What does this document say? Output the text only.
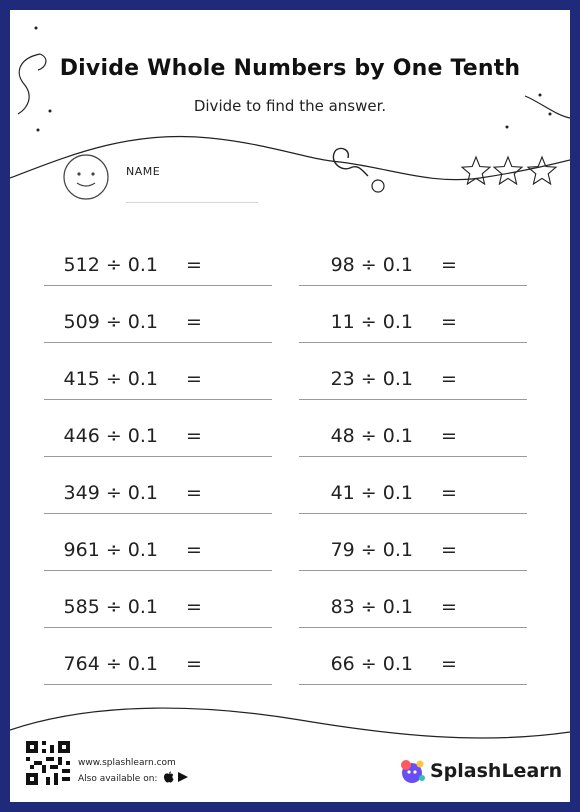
Divide Whole Numbers by One Tenth
Divide to find the answer.
NAME
512 ÷ 0.1 =
509 ÷ 0.1 =
415 ÷ 0.1 =
446 ÷ 0.1 =
349 ÷ 0.1 =
961 ÷ 0.1 =
585 ÷ 0.1 =
764 ÷ 0.1 =
98 ÷ 0.1 =
11 ÷ 0.1 =
23 ÷ 0.1 =
48 ÷ 0.1 =
41 ÷ 0.1 =
79 ÷ 0.1 =
83 ÷ 0.1 =
66 ÷ 0.1 =
www.splashlearn.com
Also available on:	SplashLearn
